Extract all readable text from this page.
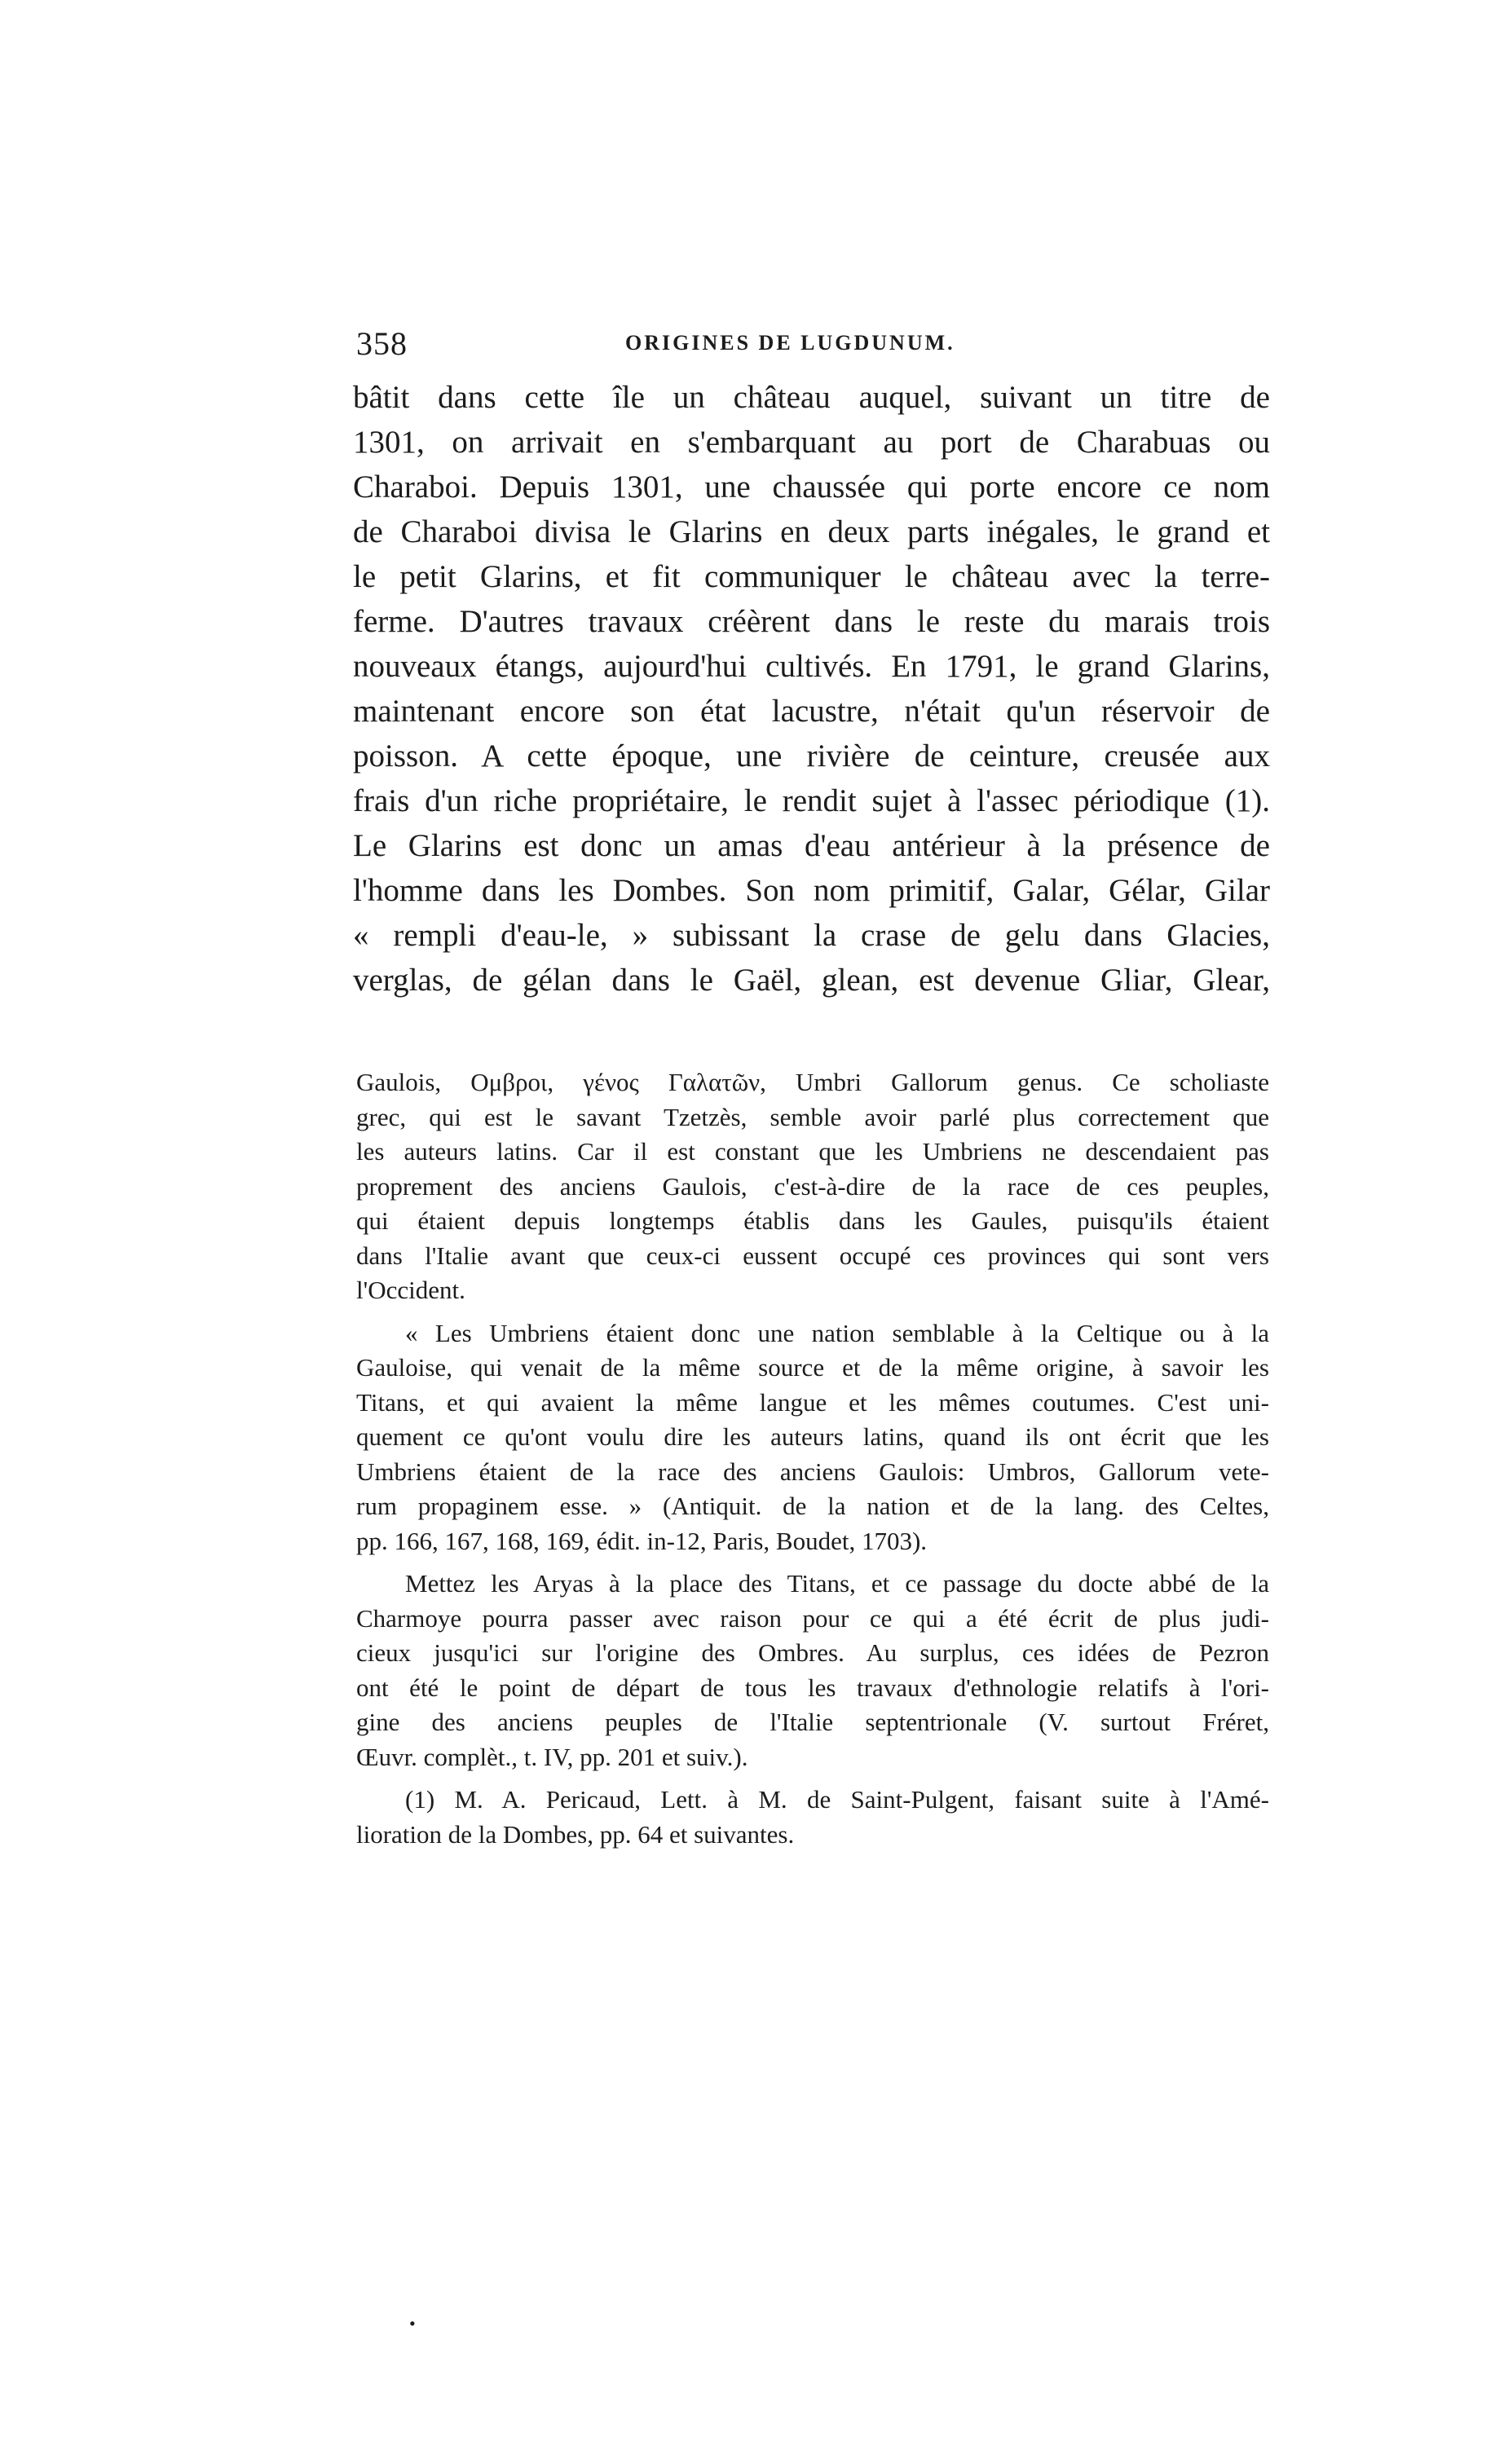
358	ORIGINES DE LUGDUNUM.
bâtit dans cette île un château auquel, suivant un titre de
1301, on arrivait en s'embarquant au port de Charabuas ou
Charaboi. Depuis 1301, une chaussée qui porte encore ce nom
de Charaboi divisa le Glarins en deux parts inégales, le grand et
le petit Glarins, et fit communiquer le château avec la terre-
ferme. D'autres travaux créèrent dans le reste du marais trois
nouveaux étangs, aujourd'hui cultivés. En 1791, le grand Glarins,
maintenant encore son état lacustre, n'était qu'un réservoir de
poisson. A cette époque, une rivière de ceinture, creusée aux
frais d'un riche propriétaire, le rendit sujet à l'assec périodique (1).
Le Glarins est donc un amas d'eau antérieur à la présence de
l'homme dans les Dombes. Son nom primitif, Galar, Gélar, Gilar
« rempli d'eau-le, » subissant la crase de gelu dans Glacies,
verglas, de gélan dans le Gaël, glean, est devenue Gliar, Glear,
Gaulois, Ομβροι, γένος Γαλατῶν, Umbri Gallorum genus. Ce scholiaste
grec, qui est le savant Tzetzès, semble avoir parlé plus correctement que
les auteurs latins. Car il est constant que les Umbriens ne descendaient pas
proprement des anciens Gaulois, c'est-à-dire de la race de ces peuples,
qui étaient depuis longtemps établis dans les Gaules, puisqu'ils étaient
dans l'Italie avant que ceux-ci eussent occupé ces provinces qui sont vers
l'Occident.
« Les Umbriens étaient donc une nation semblable à la Celtique ou à la
Gauloise, qui venait de la même source et de la même origine, à savoir les
Titans, et qui avaient la même langue et les mêmes coutumes. C'est uni-
quement ce qu'ont voulu dire les auteurs latins, quand ils ont écrit que les
Umbriens étaient de la race des anciens Gaulois: Umbros, Gallorum vete-
rum propaginem esse. » (Antiquit. de la nation et de la lang. des Celtes,
pp. 166, 167, 168, 169, édit. in-12, Paris, Boudet, 1703).
Mettez les Aryas à la place des Titans, et ce passage du docte abbé de la
Charmoye pourra passer avec raison pour ce qui a été écrit de plus judi-
cieux jusqu'ici sur l'origine des Ombres. Au surplus, ces idées de Pezron
ont été le point de départ de tous les travaux d'ethnologie relatifs à l'ori-
gine des anciens peuples de l'Italie septentrionale (V. surtout Fréret,
Œuvr. complèt., t. IV, pp. 201 et suiv.).
(1) M. A. Pericaud, Lett. à M. de Saint-Pulgent, faisant suite à l'Amé-
lioration de la Dombes, pp. 64 et suivantes.
•
